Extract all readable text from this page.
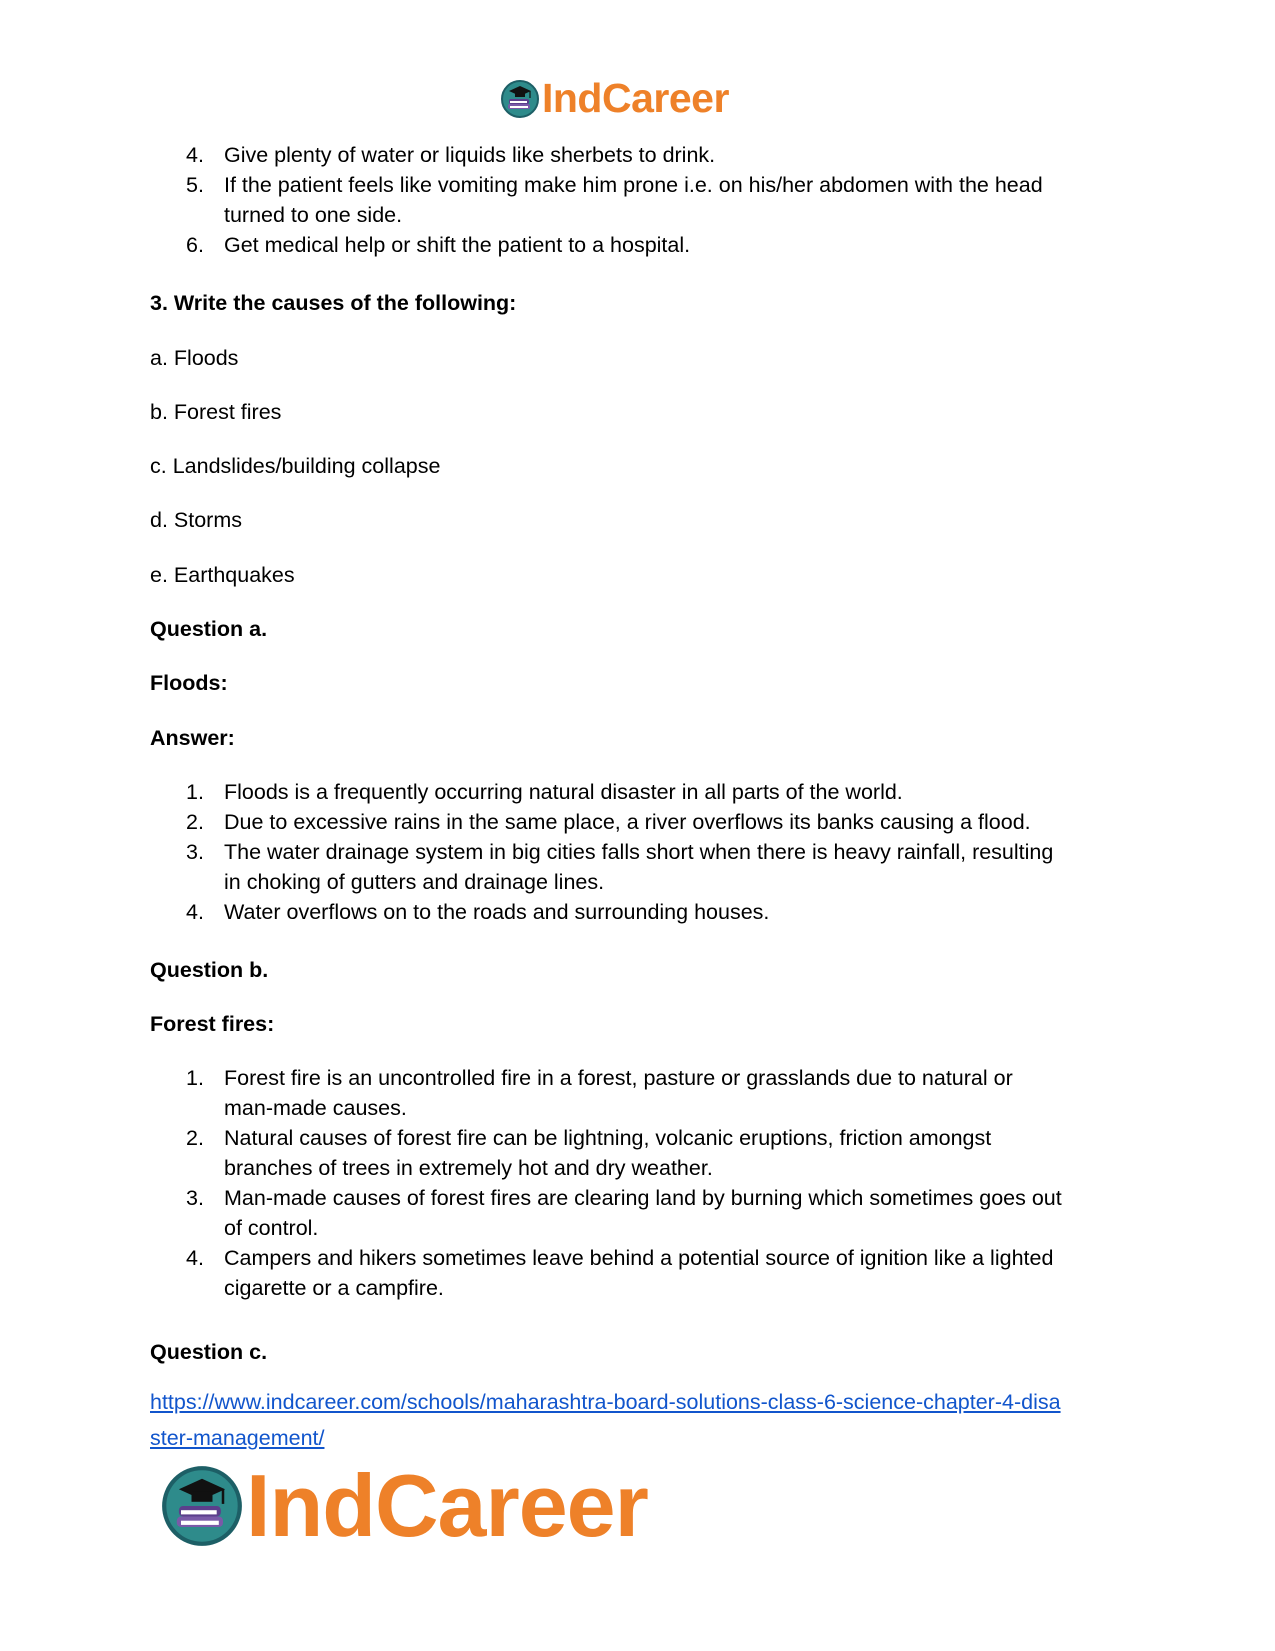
IndCareer
4. Give plenty of water or liquids like sherbets to drink.
5. If the patient feels like vomiting make him prone i.e. on his/her abdomen with the head
turned to one side.
6. Get medical help or shift the patient to a hospital.
3. Write the causes of the following:
a. Floods
b. Forest fires
c. Landslides/building collapse
d. Storms
e. Earthquakes
Question a.
Floods:
Answer:
1. Floods is a frequently occurring natural disaster in all parts of the world.
2. Due to excessive rains in the same place, a river overflows its banks causing a flood.
3. The water drainage system in big cities falls short when there is heavy rainfall, resulting
in choking of gutters and drainage lines.
4. Water overflows on to the roads and surrounding houses.
Question b.
Forest fires:
1. Forest fire is an uncontrolled fire in a forest, pasture or grasslands due to natural or
man-made causes.
2. Natural causes of forest fire can be lightning, volcanic eruptions, friction amongst
branches of trees in extremely hot and dry weather.
3. Man-made causes of forest fires are clearing land by burning which sometimes goes out
of control.
4. Campers and hikers sometimes leave behind a potential source of ignition like a lighted
cigarette or a campfire.
Question c.
https://www.indcareer.com/schools/maharashtra-board-solutions-class-6-science-chapter-4-disa
ster-management/
IndCareer
